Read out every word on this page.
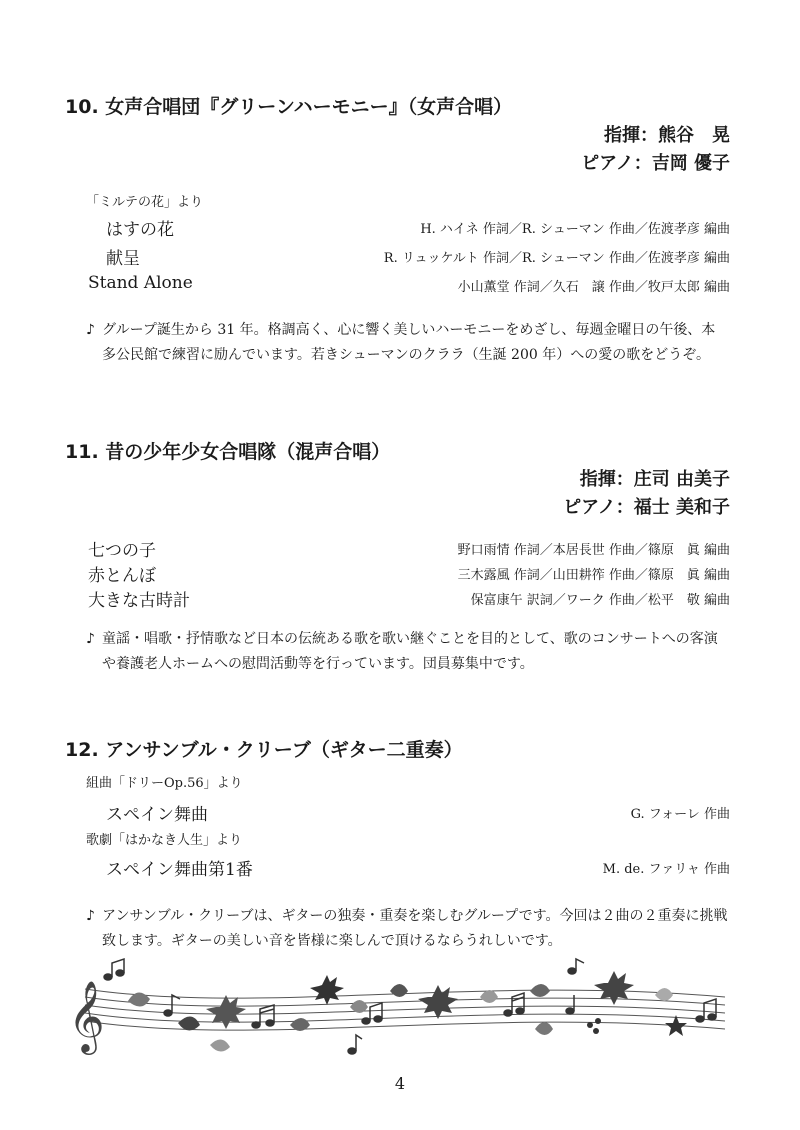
10. 女声合唱団『グリーンハーモニー』（女声合唱）
指揮：熊谷　晃
ピアノ：吉岡 優子
「ミルテの花」より
はすの花	H. ハイネ 作詞／R. シューマン 作曲／佐渡孝彦 編曲
献呈	R. リュッケルト 作詞／R. シューマン 作曲／佐渡孝彦 編曲
Stand Alone	小山薫堂 作詞／久石　譲 作曲／牧戸太郎 編曲
♪ グループ誕生から 31 年。格調高く、心に響く美しいハーモニーをめざし、毎週金曜日の午後、本多公民館で練習に励んでいます。若きシューマンのクララ（生誕 200 年）への愛の歌をどうぞ。
11. 昔の少年少女合唱隊（混声合唱）
指揮：庄司 由美子
ピアノ：福士 美和子
七つの子	野口雨情 作詞／本居長世 作曲／篠原　眞 編曲
赤とんぼ	三木露風 作詞／山田耕筰 作曲／篠原　眞 編曲
大きな古時計	保富康午 訳詞／ワーク 作曲／松平　敬 編曲
♪ 童謡・唱歌・抒情歌など日本の伝統ある歌を歌い継ぐことを目的として、歌のコンサートへの客演や養護老人ホームへの慰問活動等を行っています。団員募集中です。
12. アンサンブル・クリーブ（ギター二重奏）
組曲「ドリーOp.56」より
スペイン舞曲	G. フォーレ 作曲
歌劇「はかなき人生」より
スペイン舞曲第1番	M. de. ファリャ 作曲
♪ アンサンブル・クリーブは、ギターの独奏・重奏を楽しむグループです。今回は２曲の２重奏に挑戦致します。ギターの美しい音を皆様に楽しんで頂けるならうれしいです。
𝄞
4
